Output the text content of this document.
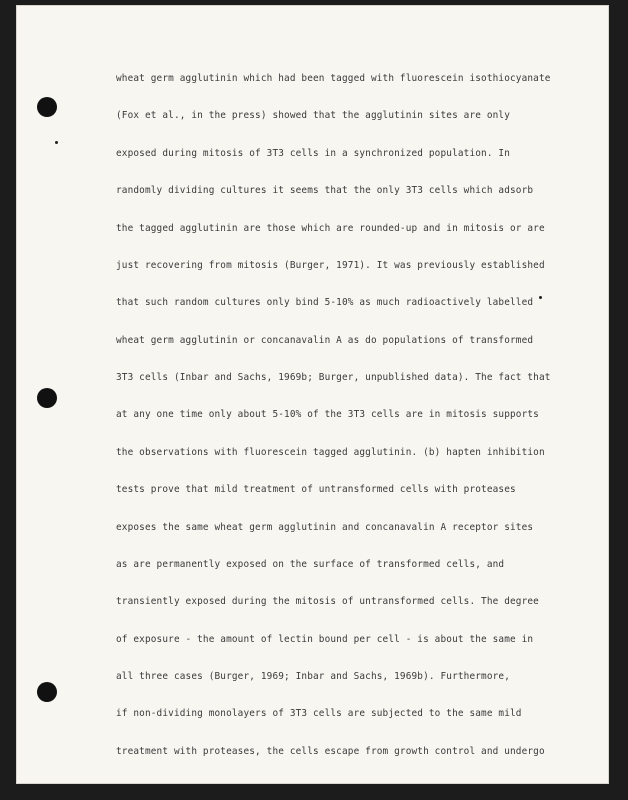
wheat germ agglutinin which had been tagged with fluorescein isothiocyanate
(Fox et al., in the press) showed that the agglutinin sites are only
exposed during mitosis of 3T3 cells in a synchronized population. In
randomly dividing cultures it seems that the only 3T3 cells which adsorb
the tagged agglutinin are those which are rounded-up and in mitosis or are
just recovering from mitosis (Burger, 1971). It was previously established
that such random cultures only bind 5-10% as much radioactively labelled
wheat germ agglutinin or concanavalin A as do populations of transformed
3T3 cells (Inbar and Sachs, 1969b; Burger, unpublished data). The fact that
at any one time only about 5-10% of the 3T3 cells are in mitosis supports
the observations with fluorescein tagged agglutinin. (b) hapten inhibition
tests prove that mild treatment of untransformed cells with proteases
exposes the same wheat germ agglutinin and concanavalin A receptor sites
as are permanently exposed on the surface of transformed cells, and
transiently exposed during the mitosis of untransformed cells. The degree
of exposure - the amount of lectin bound per cell - is about the same in
all three cases (Burger, 1969; Inbar and Sachs, 1969b). Furthermore,
if non-dividing monolayers of 3T3 cells are subjected to the same mild
treatment with proteases, the cells escape from growth control and undergo
